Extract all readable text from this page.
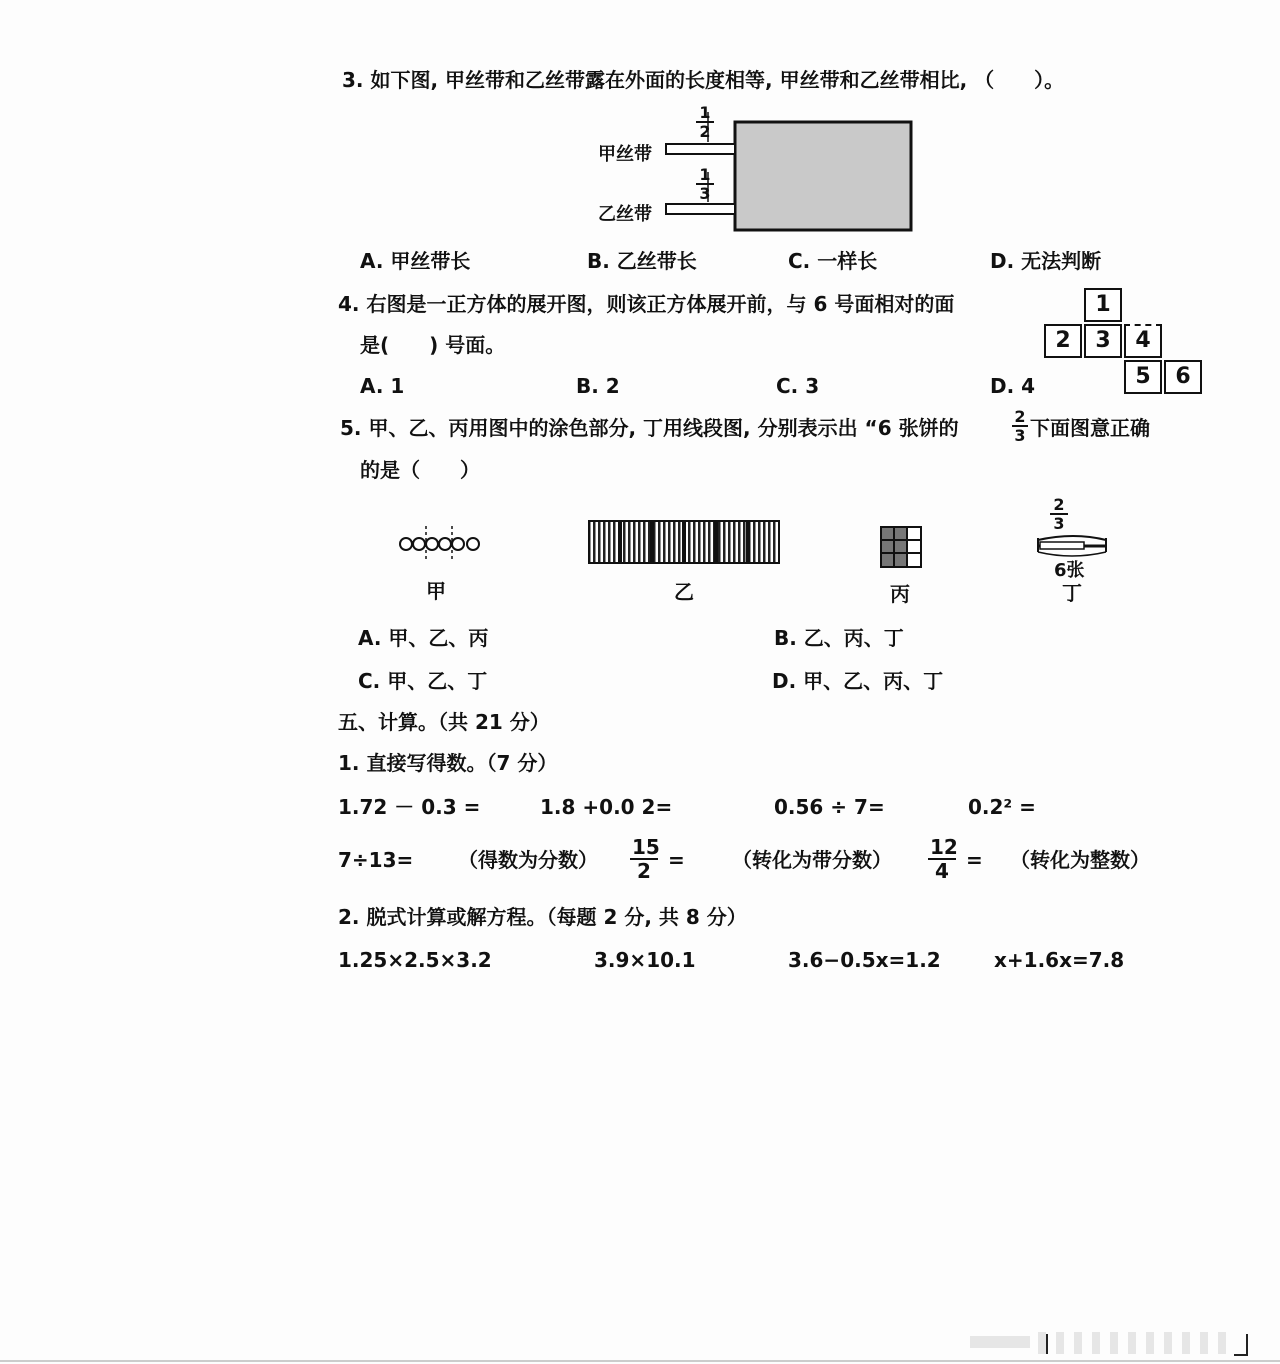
3. 如下图, 甲丝带和乙丝带露在外面的长度相等, 甲丝带和乙丝带相比, （　　）。
$\frac{1}{2}$
$\frac{1}{3}$
甲丝带
乙丝带
A. 甲丝带长	B. 乙丝带长	C. 一样长	D. 无法判断
4. 右图是一正方体的展开图，则该正方体展开前，与 6 号面相对的面
是(　　) 号面。
A. 1	B. 2	C. 3	D. 4
1
2	3	4
5	6
5. 甲、乙、丙用图中的涂色部分, 丁用线段图, 分别表示出 “6 张饼的	$\frac{2}{3}$ 下面图意正确
的是（　　）
甲	乙	丙
$\frac{2}{3}$
6张
丁
A. 甲、乙、丙	B. 乙、丙、丁
C. 甲、乙、丁	D. 甲、乙、丙、丁
五、计算。（共 21 分）
1. 直接写得数。（7 分）
1.72 － 0.3 =	1.8 +0.0 2=	0.56 ÷ 7=	0.2² =
7÷13= （得数为分数） $\frac{15}{2}$ = （转化为带分数） $\frac{12}{4}$ = （转化为整数）
2. 脱式计算或解方程。（每题 2 分, 共 8 分）
1.25×2.5×3.2	3.9×10.1	3.6−0.5x=1.2	x+1.6x=7.8
